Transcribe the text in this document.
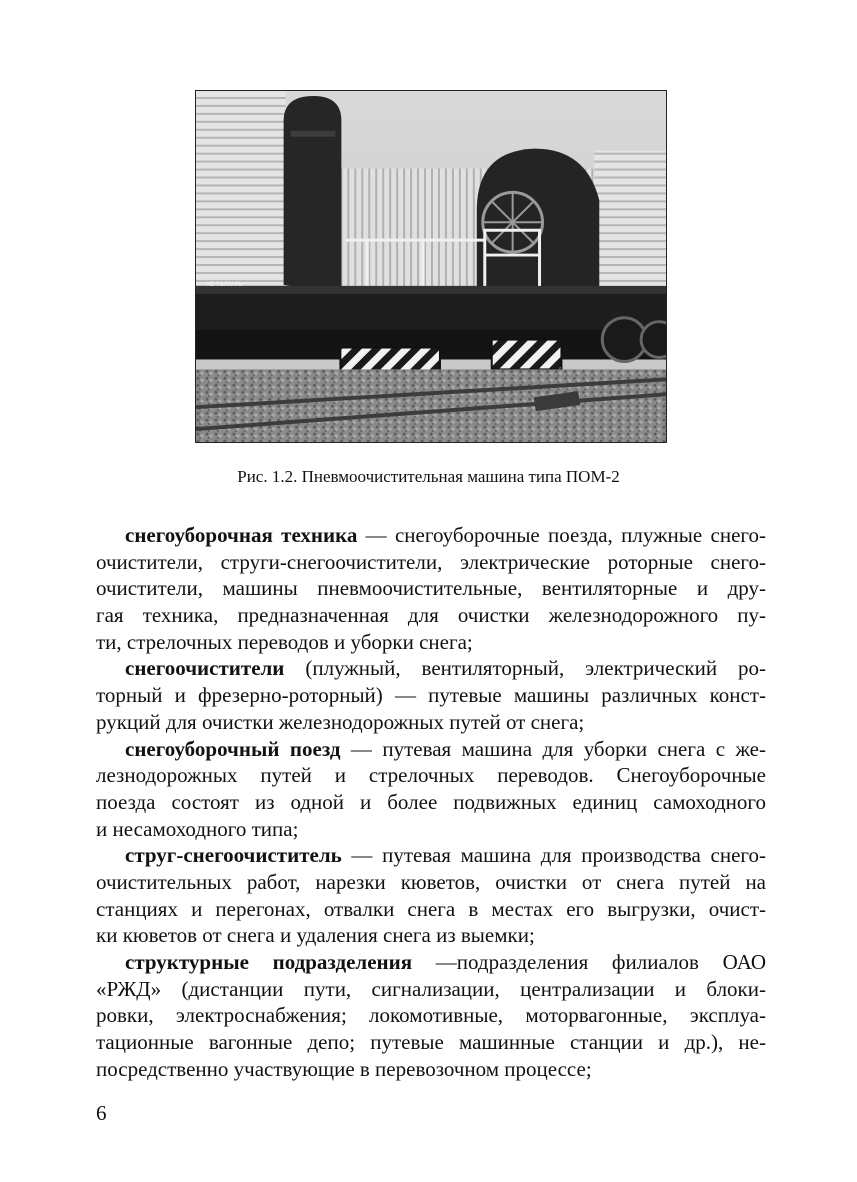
НЕ ТОЛКАТЬ
Рис. 1.2. Пневмоочистительная машина типа ПОМ-2
снегоуборочная техника — снегоуборочные поезда, плужные снего-
очистители, струги-снегоочистители, электрические роторные снего-
очистители, машины пневмоочистительные, вентиляторные и дру-
гая техника, предназначенная для очистки железнодорожного пу-
ти, стрелочных переводов и уборки снега;
снегоочистители (плужный, вентиляторный, электрический ро-
торный и фрезерно-роторный) — путевые машины различных конст-
рукций для очистки железнодорожных путей от снега;
снегоуборочный поезд — путевая машина для уборки снега с же-
лезнодорожных путей и стрелочных переводов. Снегоуборочные
поезда состоят из одной и более подвижных единиц самоходного
и несамоходного типа;
струг-снегоочиститель — путевая машина для производства снего-
очистительных работ, нарезки кюветов, очистки от снега путей на
станциях и перегонах, отвалки снега в местах его выгрузки, очист-
ки кюветов от снега и удаления снега из выемки;
структурные подразделения —подразделения филиалов ОАО
«РЖД» (дистанции пути, сигнализации, централизации и блоки-
ровки, электроснабжения; локомотивные, моторвагонные, эксплуа-
тационные вагонные депо; путевые машинные станции и др.), не-
посредственно участвующие в перевозочном процессе;
6
